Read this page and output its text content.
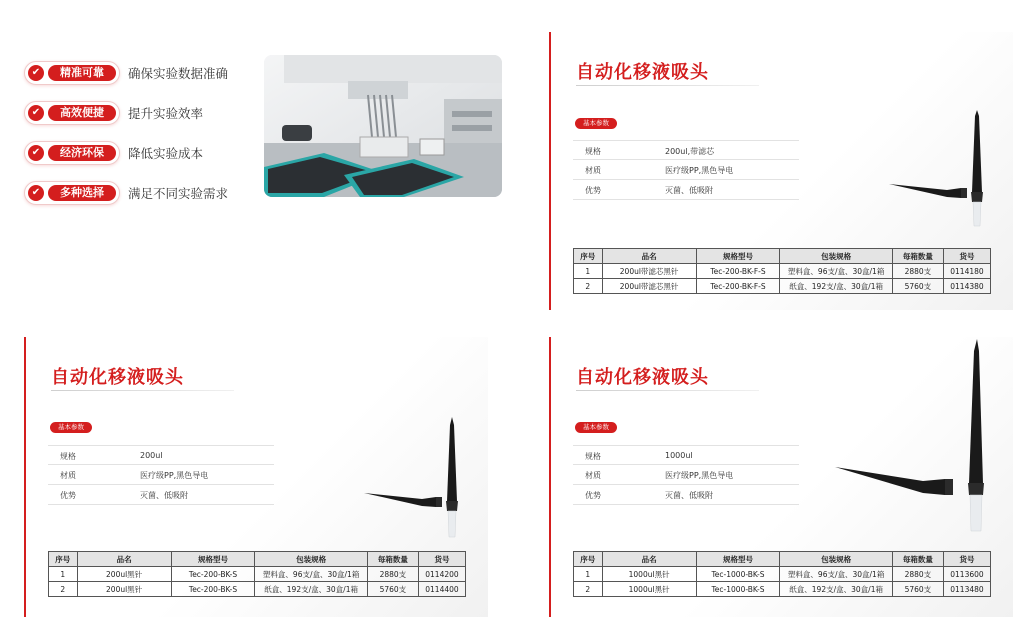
✔	精准可靠	确保实验数据准确
✔	高效便捷	提升实验效率
✔	经济环保	降低实验成本
✔	多种选择	满足不同实验需求
自动化移液吸头
基本参数
规格	200ul,带滤芯
材质	医疗级PP,黑色导电
优势	灭菌、低吸附
序号	品名	规格型号	包装规格	每箱数量	货号
1	200ul带滤芯黑针	Tec-200-BK-F-S	塑料盒、96支/盒、30盒/1箱	2880支	0114180
2	200ul带滤芯黑针	Tec-200-BK-F-S	纸盒、192支/盒、30盒/1箱	5760支	0114380
自动化移液吸头
基本参数
规格	200ul
材质	医疗级PP,黑色导电
优势	灭菌、低吸附
序号	品名	规格型号	包装规格	每箱数量	货号
1	200ul黑针	Tec-200-BK-S	塑料盒、96支/盒、30盒/1箱	2880支	0114200
2	200ul黑针	Tec-200-BK-S	纸盒、192支/盒、30盒/1箱	5760支	0114400
自动化移液吸头
基本参数
规格	1000ul
材质	医疗级PP,黑色导电
优势	灭菌、低吸附
序号	品名	规格型号	包装规格	每箱数量	货号
1	1000ul黑针	Tec-1000-BK-S	塑料盒、96支/盒、30盒/1箱	2880支	0113600
2	1000ul黑针	Tec-1000-BK-S	纸盒、192支/盒、30盒/1箱	5760支	0113480
